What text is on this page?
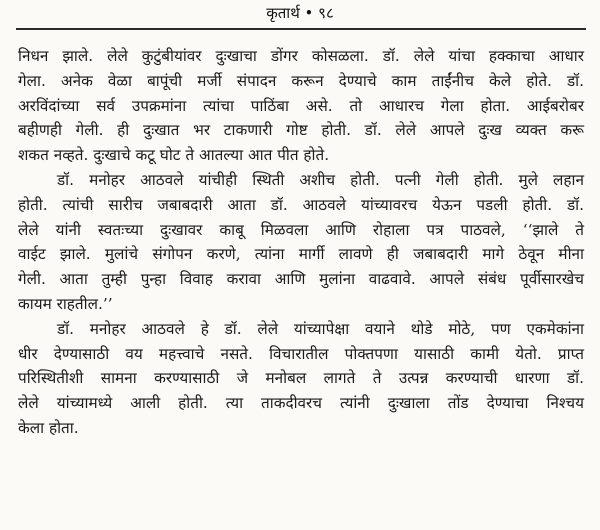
कृतार्थ • ९८
निधन झाले. लेले कुटुंबीयांवर दुःखाचा डोंगर कोसळला. डॉ. लेले यांचा हक्काचा आधार
गेला. अनेक वेळा बापूंची मर्जी संपादन करून देण्याचे काम ताईंनीच केले होते. डॉ.
अरविंदांच्या सर्व उपक्रमांना त्यांचा पाठिंबा असे. तो आधारच गेला होता. आईबरोबर
बहीणही गेली. ही दुःखात भर टाकणारी गोष्ट होती. डॉ. लेले आपले दुःख व्यक्त करू
शकत नव्हते. दुःखाचे कटू घोट ते आतल्या आत पीत होते.
डॉ. मनोहर आठवले यांचीही स्थिती अशीच होती. पत्नी गेली होती. मुले लहान
होती. त्यांची सारीच जबाबदारी आता डॉ. आठवले यांच्यावरच येऊन पडली होती. डॉ.
लेले यांनी स्वतःच्या दुःखावर काबू मिळवला आणि रोहाला पत्र पाठवले, ‘‘झाले ते
वाईट झाले. मुलांचे संगोपन करणे, त्यांना मार्गी लावणे ही जबाबदारी मागे ठेवून मीना
गेली. आता तुम्ही पुन्हा विवाह करावा आणि मुलांना वाढवावे. आपले संबंध पूर्वीसारखेच
कायम राहतील.’’
डॉ. मनोहर आठवले हे डॉ. लेले यांच्यापेक्षा वयाने थोडे मोठे, पण एकमेकांना
धीर देण्यासाठी वय महत्त्वाचे नसते. विचारातील पोक्तपणा यासाठी कामी येतो. प्राप्त
परिस्थितीशी सामना करण्यासाठी जे मनोबल लागते ते उत्पन्न करण्याची धारणा डॉ.
लेले यांच्यामध्ये आली होती. त्या ताकदीवरच त्यांनी दुःखाला तोंड देण्याचा निश्चय
केला होता.
